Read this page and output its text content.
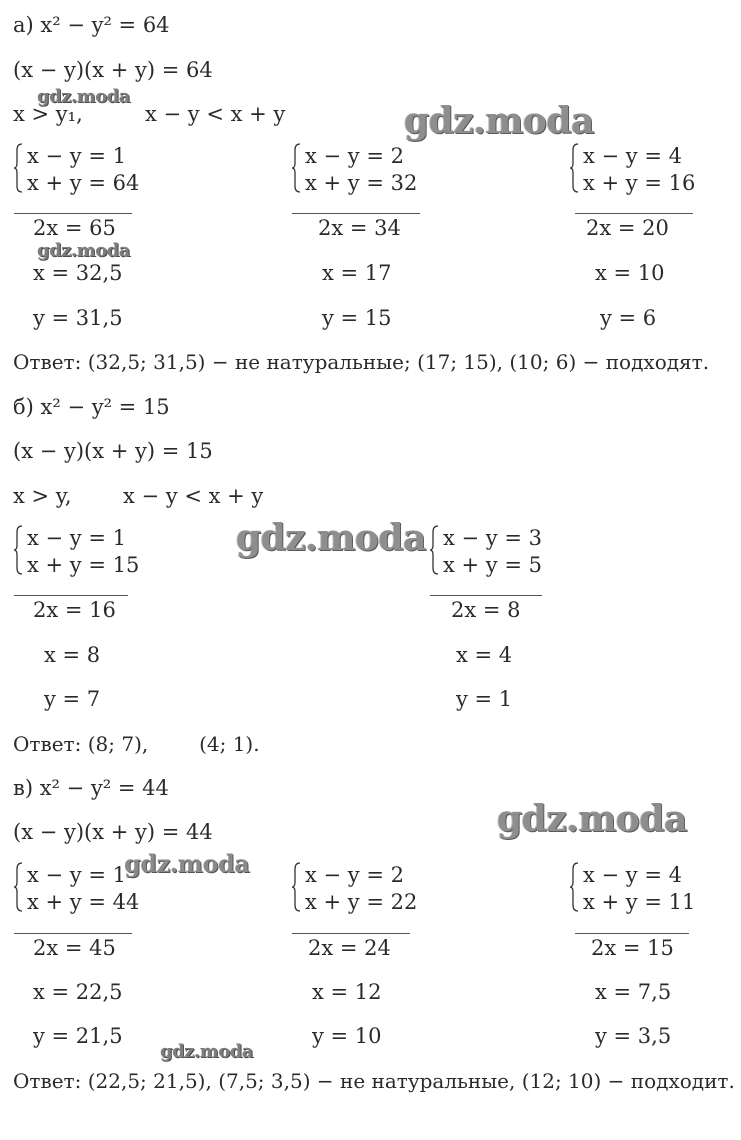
а) x² − y² = 64
(x − y)(x + y) = 64
x > y₁,	x − y < x + y
x − y = 1
x + y = 64
2x = 65
x = 32,5
y = 31,5
x − y = 2
x + y = 32
2x = 34
x = 17
y = 15
x − y = 4
x + y = 16
2x = 20
x = 10
y = 6
Ответ: (32,5; 31,5) − не натуральные; (17; 15), (10; 6) − подходят.
б) x² − y² = 15
(x − y)(x + y) = 15
x > y, x − y < x + y
x − y = 1
x + y = 15
2x = 16
x = 8
y = 7
x − y = 3
x + y = 5
2x = 8
x = 4
y = 1
Ответ: (8; 7),        (4; 1).
в) x² − y² = 44
(x − y)(x + y) = 44
x − y = 1
x + y = 44
2x = 45
x = 22,5
y = 21,5
x − y = 2
x + y = 22
2x = 24
x = 12
y = 10
x − y = 4
x + y = 11
2x = 15
x = 7,5
y = 3,5
Ответ: (22,5; 21,5), (7,5; 3,5) − не натуральные, (12; 10) − подходит.
gdz.moda
gdz.moda
gdz.moda
gdz.moda
gdz.moda
gdz.moda
gdz.moda
